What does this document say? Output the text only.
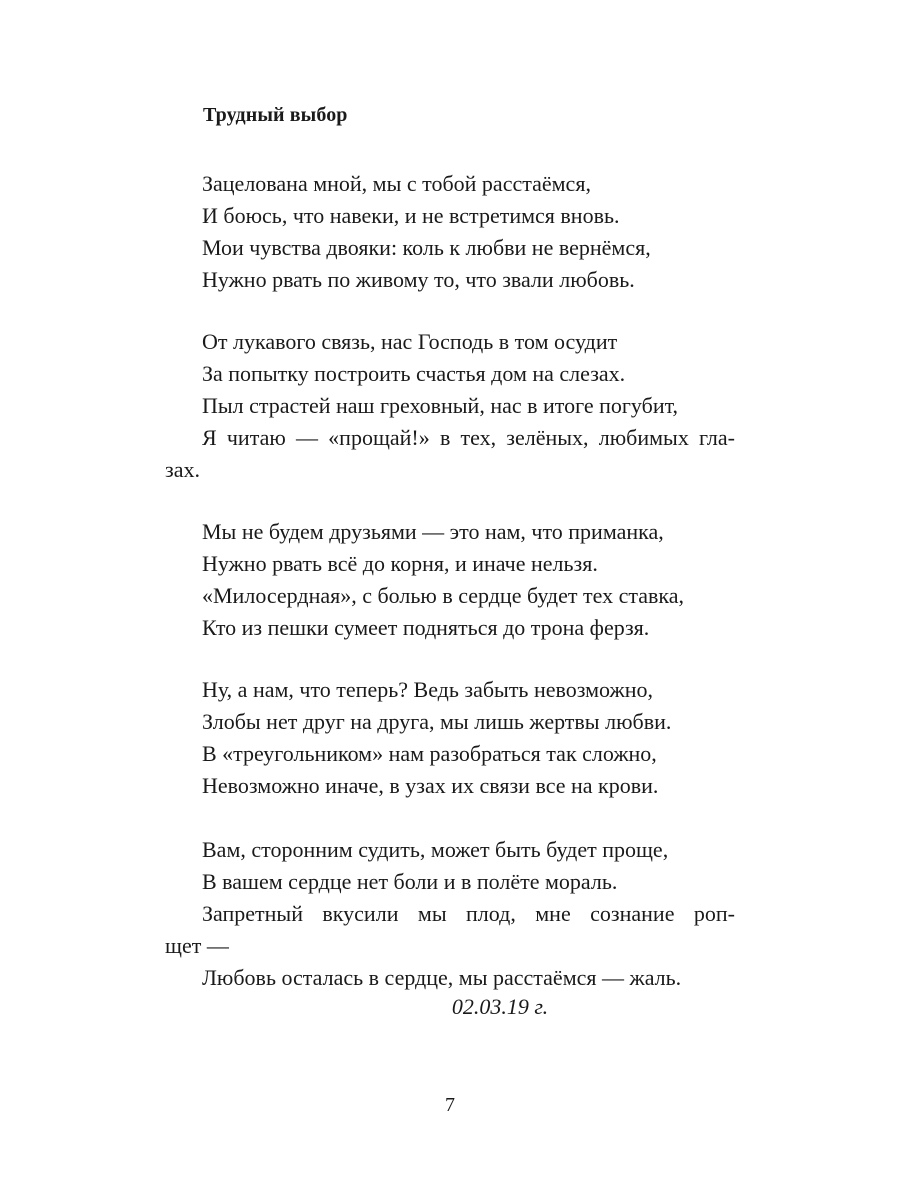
Трудный выбор
Зацелована мной, мы с тобой расстаёмся,
И боюсь, что навеки, и не встретимся вновь.
Мои чувства двояки: коль к любви не вернёмся,
Нужно рвать по живому то, что звали любовь.
От лукавого связь, нас Господь в том осудит
За попытку построить счастья дом на слезах.
Пыл страстей наш греховный, нас в итоге погубит,
Я читаю — «прощай!» в тех, зелёных, любимых гла-
зах.
Мы не будем друзьями — это нам, что приманка,
Нужно рвать всё до корня, и иначе нельзя.
«Милосердная», с болью в сердце будет тех ставка,
Кто из пешки сумеет подняться до трона ферзя.
Ну, а нам, что теперь? Ведь забыть невозможно,
Злобы нет друг на друга, мы лишь жертвы любви.
В «треугольником» нам разобраться так сложно,
Невозможно иначе, в узах их связи все на крови.
Вам, сторонним судить, может быть будет проще,
В вашем сердце нет боли и в полёте мораль.
Запретный вкусили мы плод, мне сознание роп-
щет —
Любовь осталась в сердце, мы расстаёмся — жаль.
02.03.19 г.
7
